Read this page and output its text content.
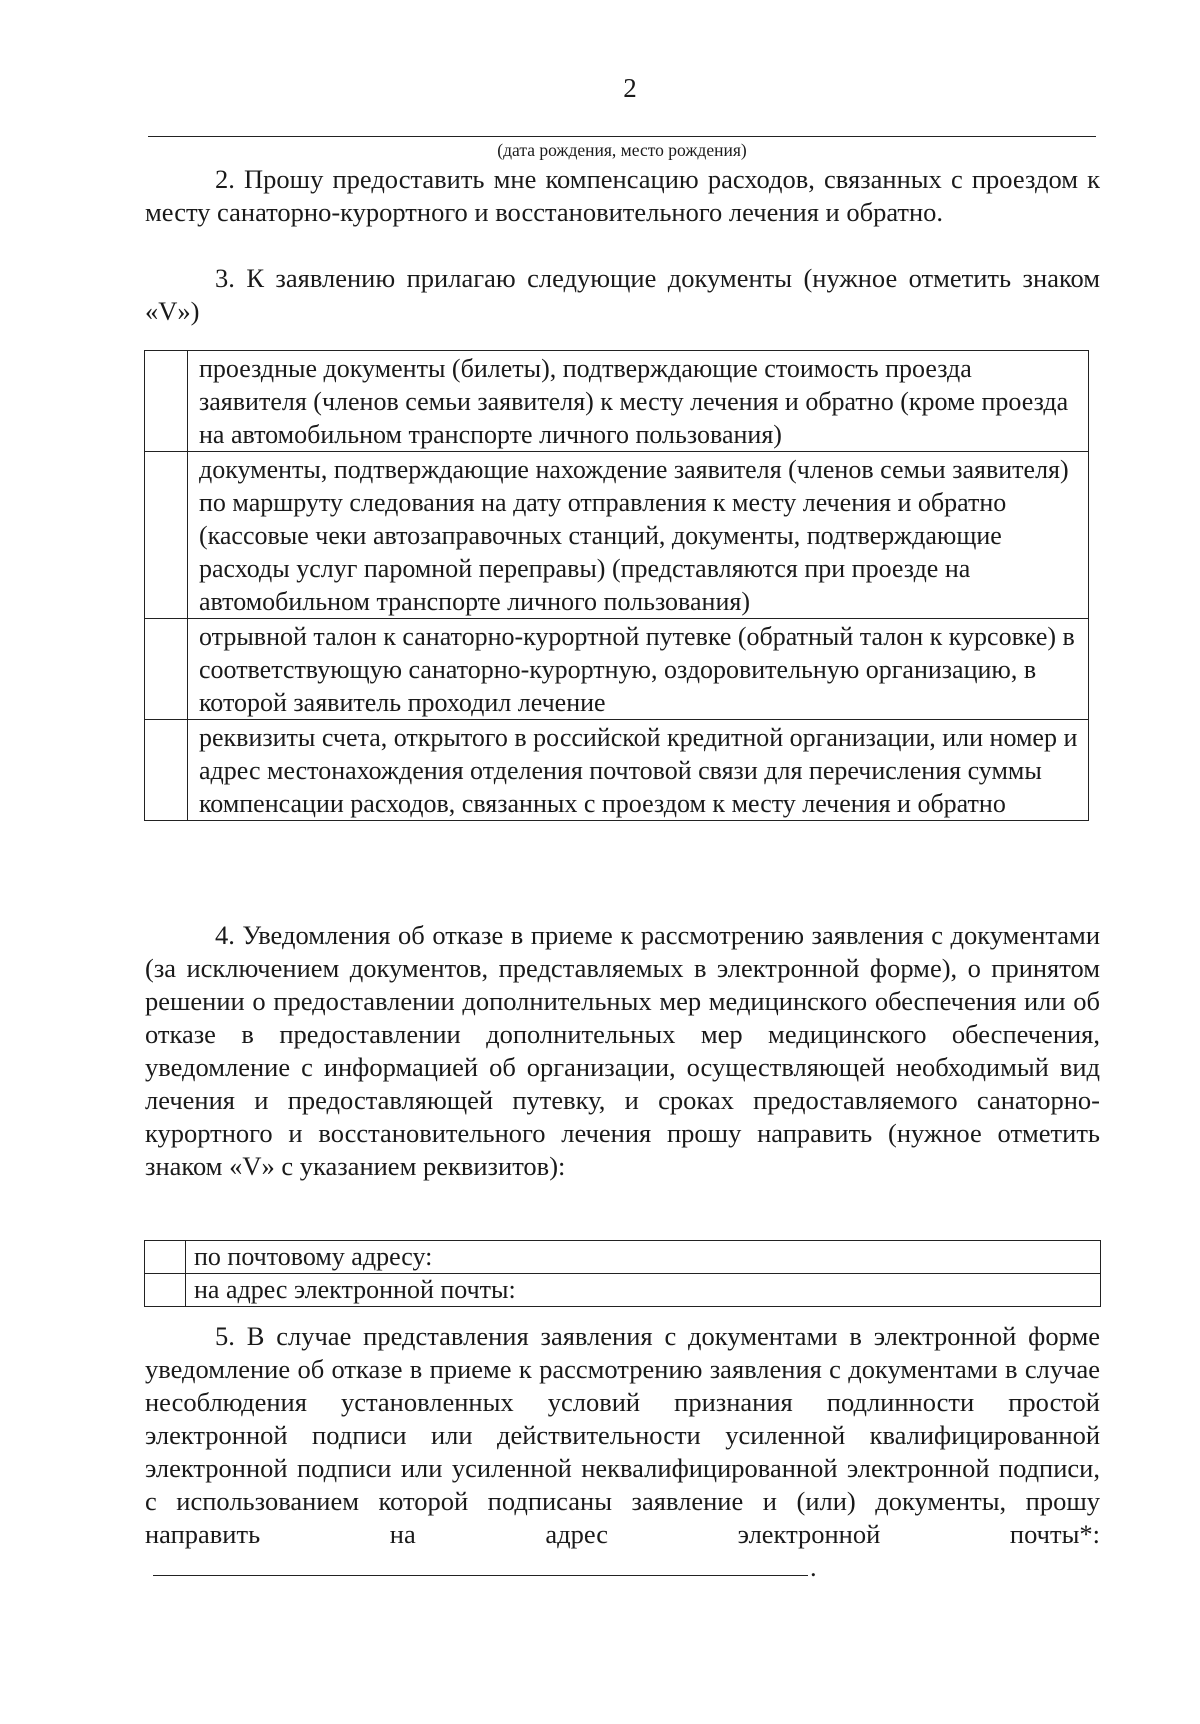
2
(дата рождения, место рождения)

2. Прошу предоставить мне компенсацию расходов, связанных с проездом к месту санаторно-курортного и восстановительного лечения и обратно.

3. К заявлению прилагаю следующие документы (нужное отметить знаком «V»)

	проездные документы (билеты), подтверждающие стоимость проезда заявителя (членов семьи заявителя) к месту лечения и обратно (кроме проезда на автомобильном транспорте личного пользования)
	документы, подтверждающие нахождение заявителя (членов семьи заявителя) по маршруту следования на дату отправления к месту лечения и обратно (кассовые чеки автозаправочных станций, документы, подтверждающие расходы услуг паромной переправы) (представляются при проезде на автомобильном транспорте личного пользования)
	отрывной талон к санаторно-курортной путевке (обратный талон к курсовке) в соответствующую санаторно-курортную, оздоровительную организацию, в которой заявитель проходил лечение
	реквизиты счета, открытого в российской кредитной организации, или номер и адрес местонахождения отделения почтовой связи для перечисления суммы компенсации расходов, связанных с проездом к месту лечения и обратно

4. Уведомления об отказе в приеме к рассмотрению заявления с документами (за исключением документов, представляемых в электронной форме), о принятом решении о предоставлении дополнительных мер медицинского обеспечения или об отказе в предоставлении дополнительных мер медицинского обеспечения, уведомление с информацией об организации, осуществляющей необходимый вид лечения и предоставляющей путевку, и сроках предоставляемого санаторно-курортного и восстановительного лечения прошу направить (нужное отметить знаком «V» с указанием реквизитов):

	по почтовому адресу:
	на адрес электронной почты:

5. В случае представления заявления с документами в электронной форме уведомление об отказе в приеме к рассмотрению заявления с документами в случае несоблюдения установленных условий признания подлинности простой электронной подписи или действительности усиленной квалифицированной электронной подписи или усиленной неквалифицированной электронной подписи, с использованием которой подписаны заявление и (или) документы, прошу направить на адрес электронной почты*:.
